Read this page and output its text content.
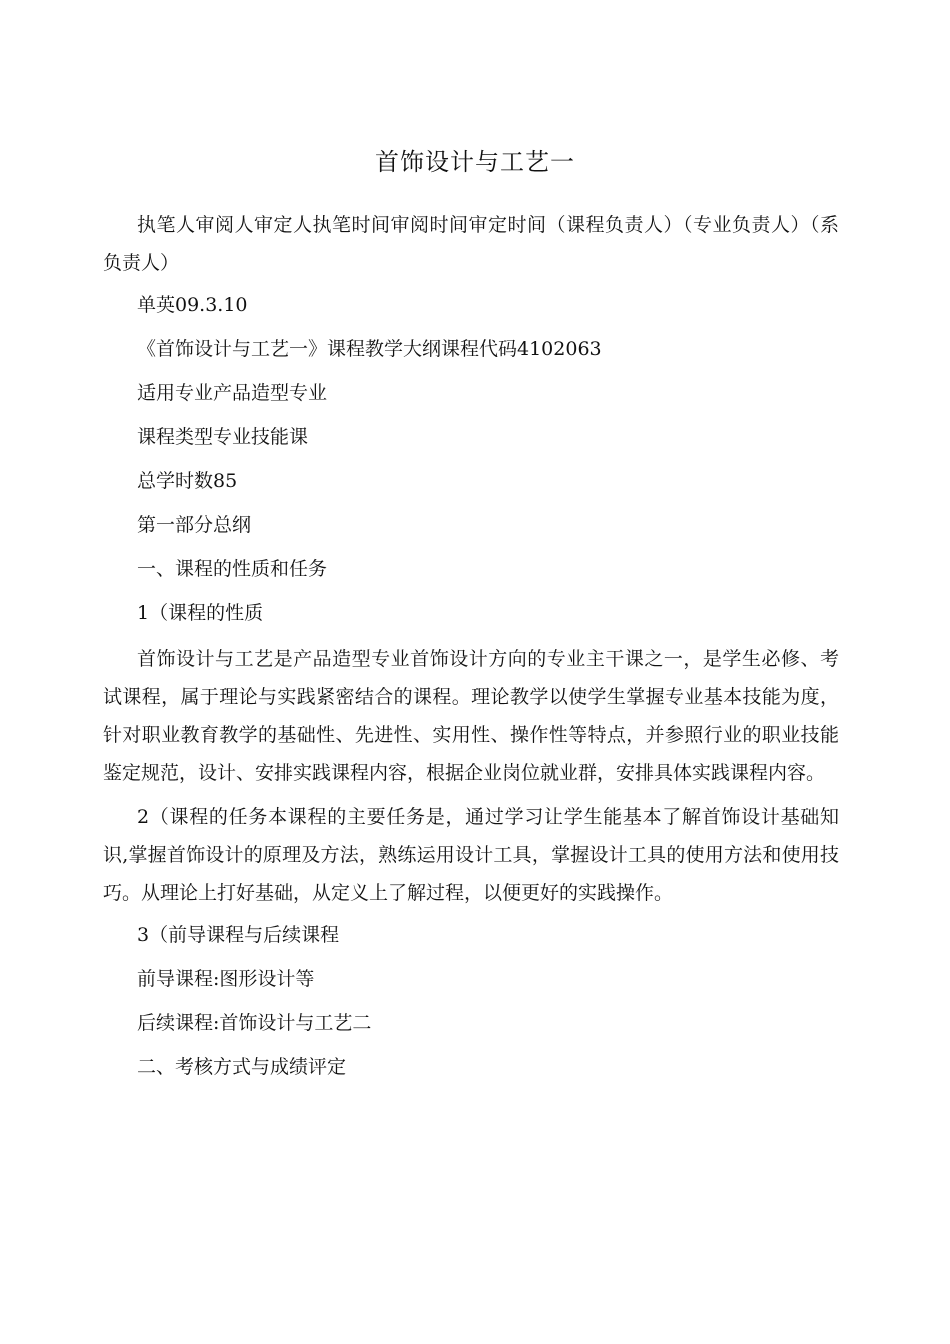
首饰设计与工艺一

执笔人审阅人审定人执笔时间审阅时间审定时间（课程负责人）（专业负责人）（系负责人）

单英09.3.10

《首饰设计与工艺一》课程教学大纲课程代码4102063

适用专业产品造型专业

课程类型专业技能课

总学时数85

第一部分总纲

一、课程的性质和任务

1（课程的性质

首饰设计与工艺是产品造型专业首饰设计方向的专业主干课之一，是学生必修、考试课程，属于理论与实践紧密结合的课程。理论教学以使学生掌握专业基本技能为度，针对职业教育教学的基础性、先进性、实用性、操作性等特点，并参照行业的职业技能鉴定规范，设计、安排实践课程内容，根据企业岗位就业群，安排具体实践课程内容。

2（课程的任务本课程的主要任务是，通过学习让学生能基本了解首饰设计基础知识,掌握首饰设计的原理及方法，熟练运用设计工具，掌握设计工具的使用方法和使用技巧。从理论上打好基础，从定义上了解过程，以便更好的实践操作。

3（前导课程与后续课程

前导课程:图形设计等

后续课程:首饰设计与工艺二

二、考核方式与成绩评定
